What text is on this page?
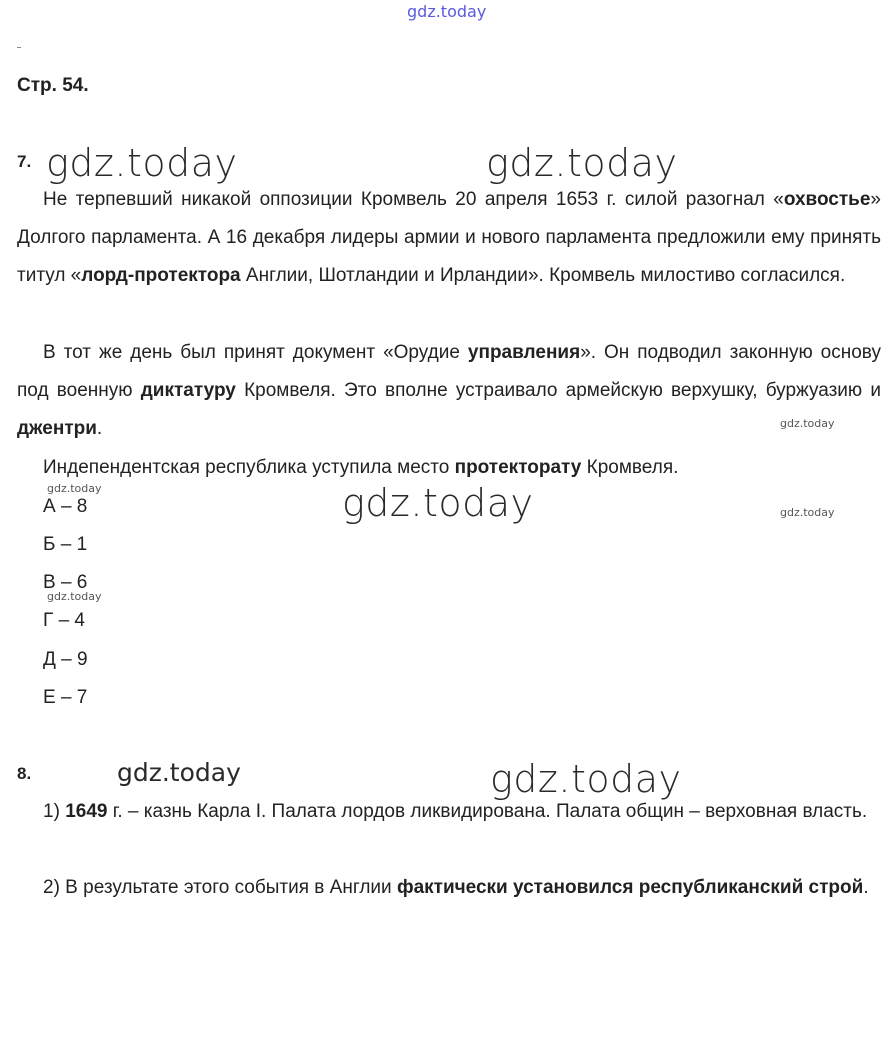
gdz.today
gdz.today	gdz.today
gdz.today
gdz.today	gdz.today	gdz.today
gdz.today
gdz.today	gdz.today
Стр. 54.
7.

Не терпевший никакой оппозиции Кромвель 20 апреля 1653 г. силой разогнал «охвостье» Долгого парламента. А 16 декабря лидеры армии и нового парламента предложили ему принять титул «лорд-протектора Англии, Шотландии и Ирландии». Кромвель милостиво согласился.

В тот же день был принят документ «Орудие управления». Он подводил законную основу под военную диктатуру Кромвеля. Это вполне устраивало армейскую верхушку, буржуазию и джентри.

Индепендентская республика уступила место протекторату Кромвеля.
А – 8
Б – 1
В – 6
Г – 4
Д – 9
Е – 7
8.

1) 1649 г. – казнь Карла I. Палата лордов ликвидирована. Палата общин – верховная власть.

2) В результате этого события в Англии фактически установился республиканский строй.
